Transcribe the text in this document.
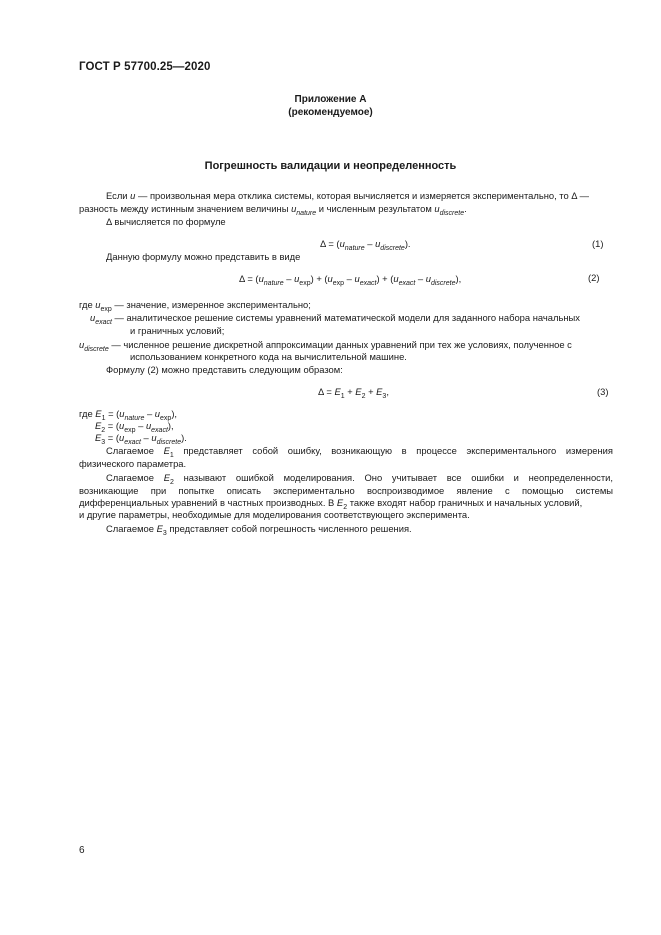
ГОСТ Р 57700.25—2020
Приложение А
(рекомендуемое)
Погрешность валидации и неопределенность
Если u — произвольная мера отклика системы, которая вычисляется и измеряется экспериментально, то Δ —
разность между истинным значением величины $u_{nature}$ и численным результатом $u_{discrete}$.
Δ вычисляется по формуле
$\Delta = (u_{nature} - u_{discrete})$.	(1)
Данную формулу можно представить в виде
$\Delta = (u_{nature} - u_{exp}) + (u_{exp} - u_{exact}) + (u_{exact} - u_{discrete})$,	(2)
где $u_{exp}$ — значение, измеренное экспериментально;
$u_{exact}$ — аналитическое решение системы уравнений математической модели для заданного набора начальных
и граничных условий;
$u_{discrete}$ — численное решение дискретной аппроксимации данных уравнений при тех же условиях, полученное с
использованием конкретного кода на вычислительной машине.
Формулу (2) можно представить следующим образом:
$\Delta = E_1 + E_2 + E_3$,	(3)
где $E_1 = (u_{nature} - u_{exp})$,
$E_2 = (u_{exp} - u_{exact})$,
$E_3 = (u_{exact} - u_{discrete})$.
Слагаемое $E_1$ представляет собой ошибку, возникающую в процессе экспериментального измерения
физического параметра.
Слагаемое $E_2$ называют ошибкой моделирования. Оно учитывает все ошибки и неопределенности,
возникающие при попытке описать экспериментально воспроизводимое явление с помощью системы
дифференциальных уравнений в частных производных. В $E_2$ также входят набор граничных и начальных условий,
и другие параметры, необходимые для моделирования соответствующего эксперимента.
Слагаемое $E_3$ представляет собой погрешность численного решения.
6
